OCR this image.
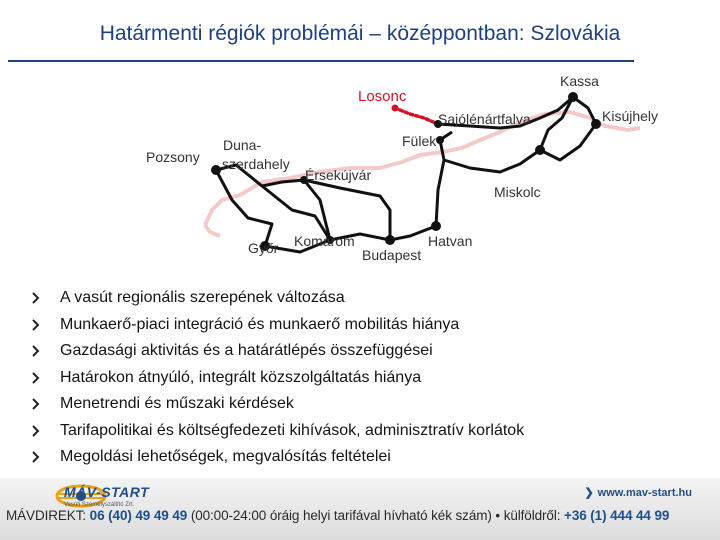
Határmenti régiók problémái – középpontban: Szlovákia
Kassa
Losonc
Sajólénártfalva	Kisújhely
Fülek
Pozsony
Duna-
szerdahely
Érsekújvár
Miskolc
Győr Komárom	Hatvan
Budapest
A vasút regionális szerepének változása
Munkaerő-piaci integráció és munkaerő mobilitás hiánya
Gazdasági aktivitás és a határátlépés összefüggései
Határokon átnyúló, integrált közszolgáltatás hiánya
Menetrendi és műszaki kérdések
Tarifapolitikai és költségfedezeti kihívások, adminisztratív korlátok
Megoldási lehetőségek, megvalósítás feltételei
MÁV-START
Vasúti Személyszállító Zrt.
❯ www.mav-start.hu
MÁVDIREKT: 06 (40) 49 49 49 (00:00-24:00 óráig helyi tarifával hívható kék szám) • külföldről: +36 (1) 444 44 99
